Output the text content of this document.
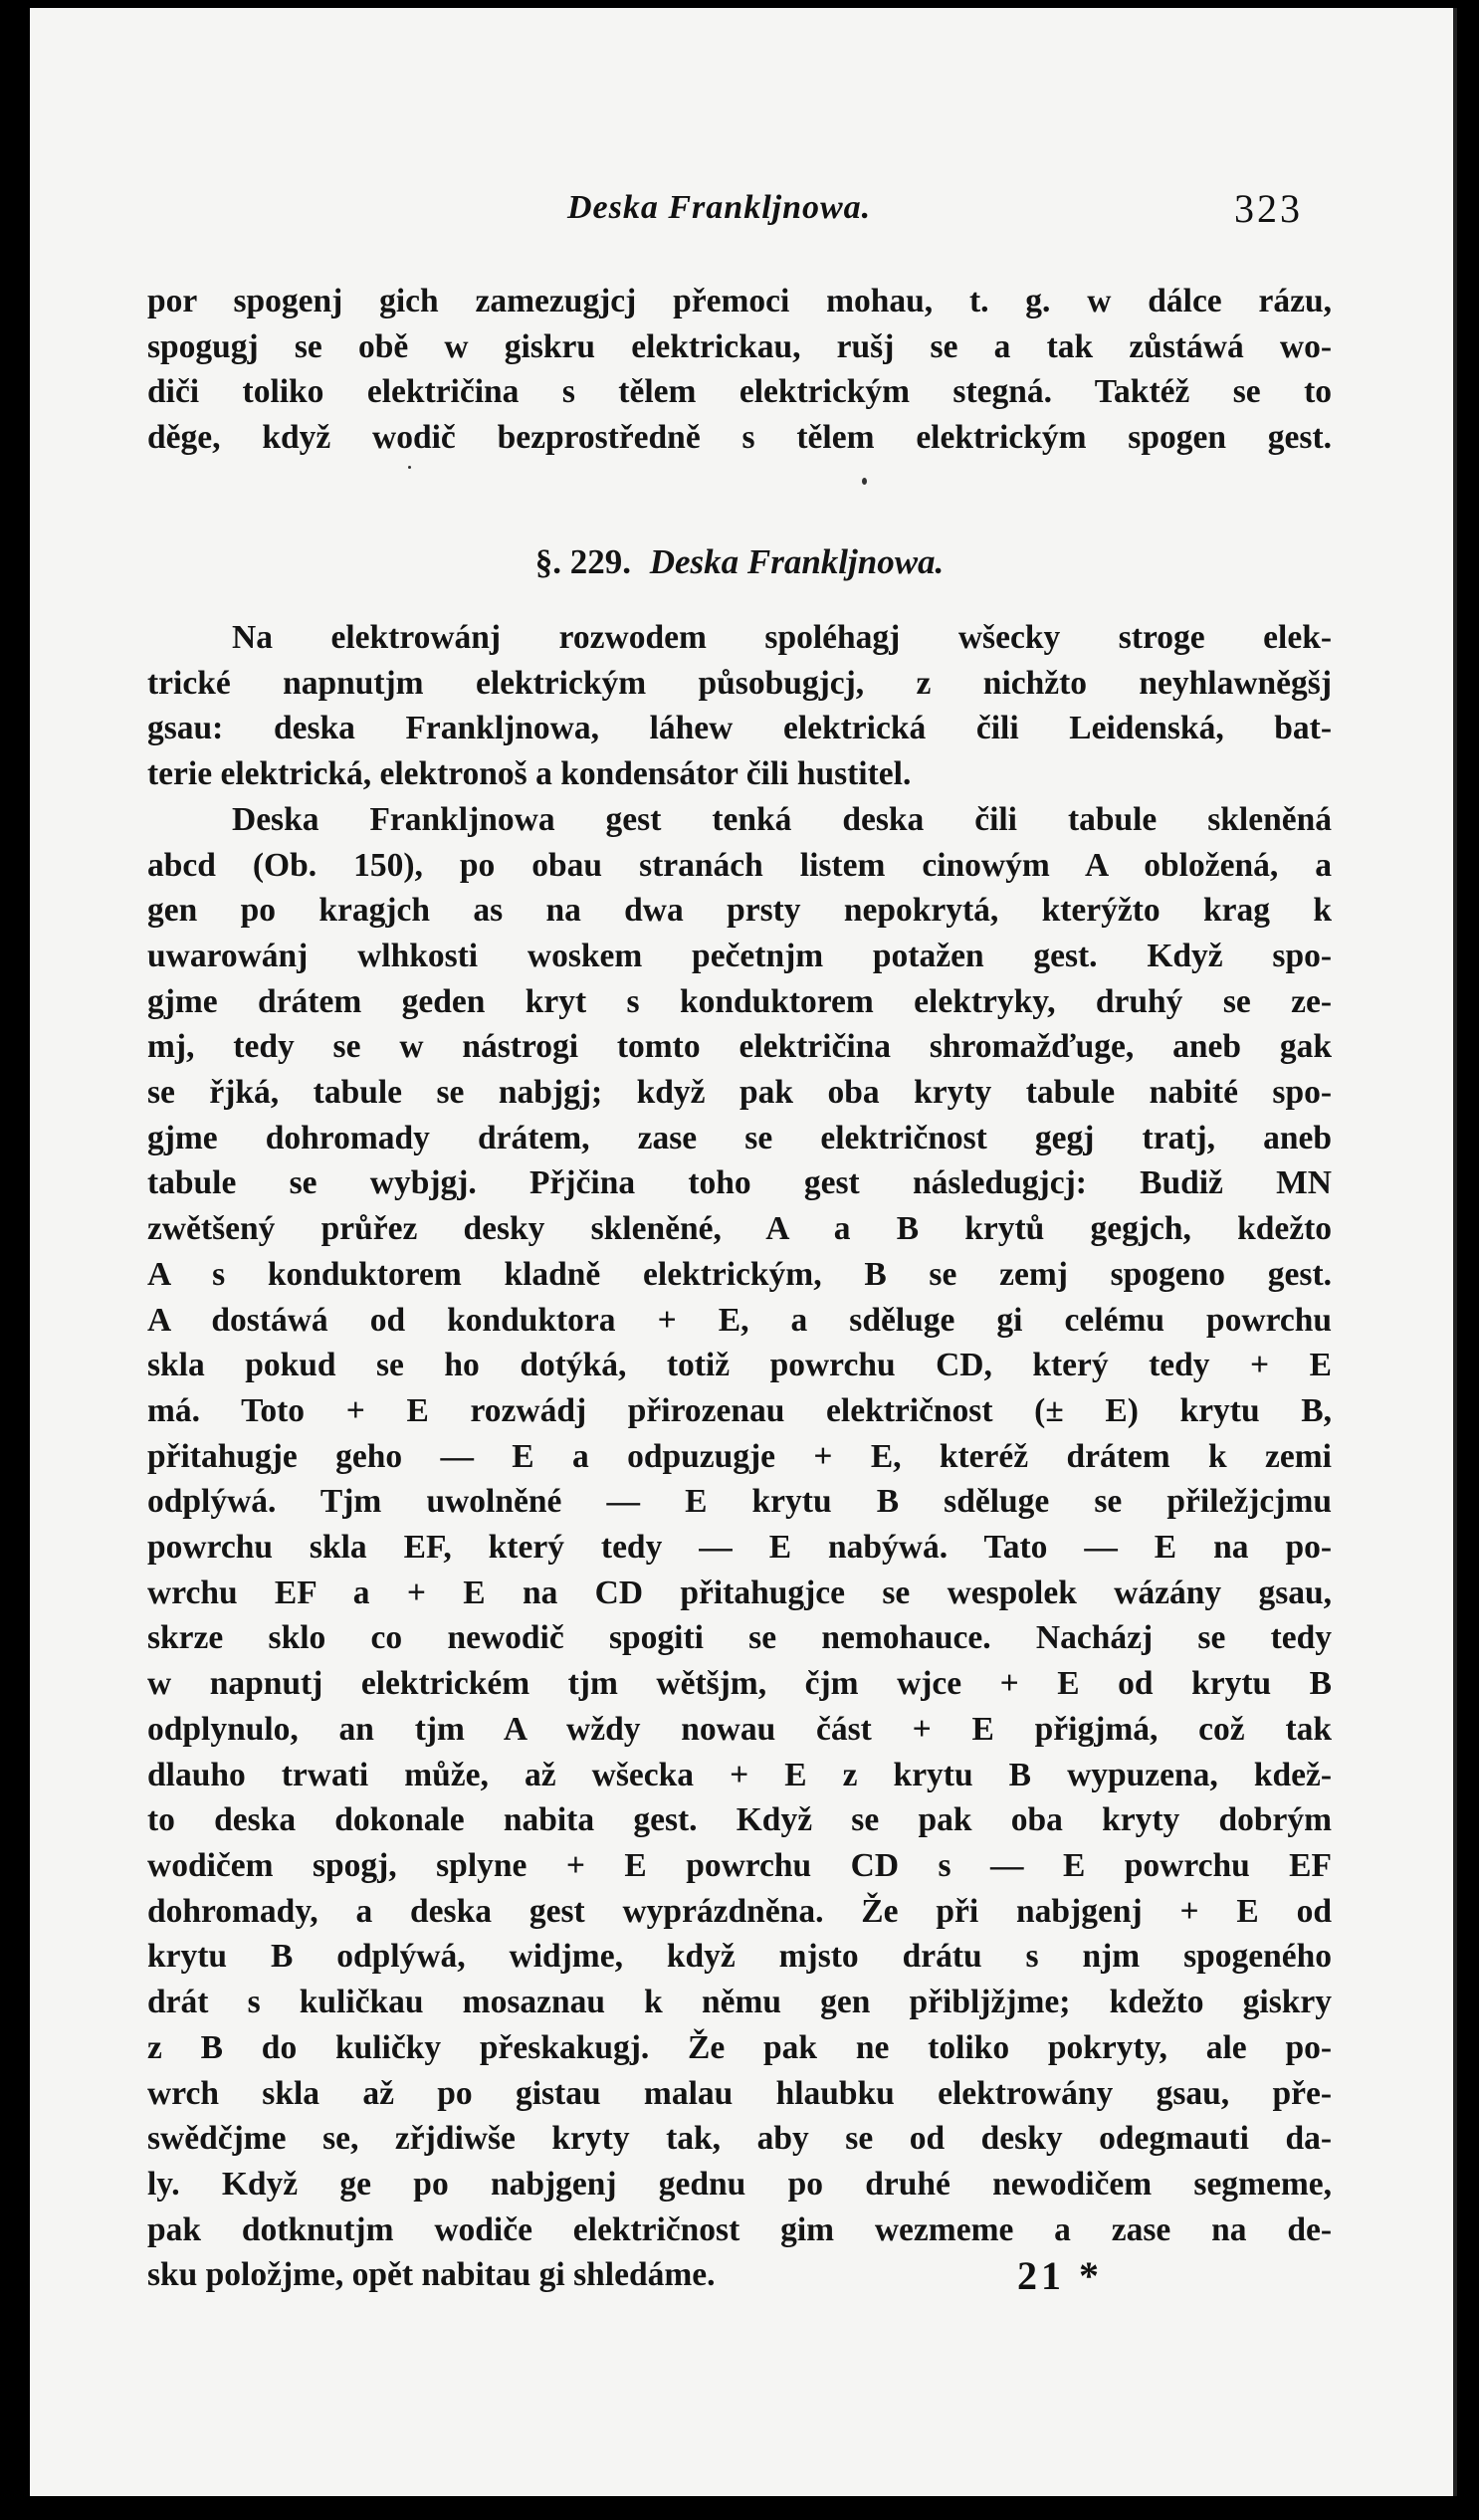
Deska Frankljnowa.	323
por spogenj gich zamezugjcj přemoci mohau, t. g. w dálce rázu,
spogugj se obě w giskru elektrickau, rušj se a tak zůstáwá wo-
diči toliko električina s tělem elektrickým stegná. Taktéž se to
děge, když wodič bezprostředně s tělem elektrickým spogen gest.
§. 229. Deska Frankljnowa.
Na elektrowánj rozwodem spoléhagj wšecky stroge elek-
trické napnutjm elektrickým působugjcj, z nichžto neyhlawněgšj
gsau: deska Frankljnowa, láhew elektrická čili Leidenská, bat-
terie elektrická, elektronoš a kondensátor čili hustitel.
Deska Frankljnowa gest tenká deska čili tabule skleněná
abcd (Ob. 150), po obau stranách listem cinowým A obložená, a
gen po kragjch as na dwa prsty nepokrytá, kterýžto krag k
uwarowánj wlhkosti woskem pečetnjm potažen gest. Když spo-
gjme drátem geden kryt s konduktorem elektryky, druhý se ze-
mj, tedy se w nástrogi tomto električina shromažďuge, aneb gak
se řjká, tabule se nabjgj; když pak oba kryty tabule nabité spo-
gjme dohromady drátem, zase se električnost gegj tratj, aneb
tabule se wybjgj. Přjčina toho gest následugjcj: Budiž MN
zwětšený průřez desky skleněné, A a B krytů gegjch, kdežto
A s konduktorem kladně elektrickým, B se zemj spogeno gest.
A dostáwá od konduktora + E, a sděluge gi celému powrchu
skla pokud se ho dotýká, totiž powrchu CD, který tedy + E
má. Toto + E rozwádj přirozenau električnost (± E) krytu B,
přitahugje geho — E a odpuzugje + E, kteréž drátem k zemi
odplýwá. Tjm uwolněné — E krytu B sděluge se přiležjcjmu
powrchu skla EF, který tedy — E nabýwá. Tato — E na po-
wrchu EF a + E na CD přitahugjce se wespolek wázány gsau,
skrze sklo co newodič spogiti se nemohauce. Nacházj se tedy
w napnutj elektrickém tjm wětšjm, čjm wjce + E od krytu B
odplynulo, an tjm A wždy nowau část + E přigjmá, což tak
dlauho trwati může, až wšecka + E z krytu B wypuzena, kdež-
to deska dokonale nabita gest. Když se pak oba kryty dobrým
wodičem spogj, splyne + E powrchu CD s — E powrchu EF
dohromady, a deska gest wyprázdněna. Že při nabjgenj + E od
krytu B odplýwá, widjme, když mjsto drátu s njm spogeného
drát s kuličkau mosaznau k němu gen přibljžjme; kdežto giskry
z B do kuličky přeskakugj. Že pak ne toliko pokryty, ale po-
wrch skla až po gistau malau hlaubku elektrowány gsau, pře-
swědčjme se, zřjdiwše kryty tak, aby se od desky odegmauti da-
ly. Když ge po nabjgenj gednu po druhé newodičem segmeme,
pak dotknutjm wodiče električnost gim wezmeme a zase na de-
sku položjme, opět nabitau gi shledáme.	21 *
